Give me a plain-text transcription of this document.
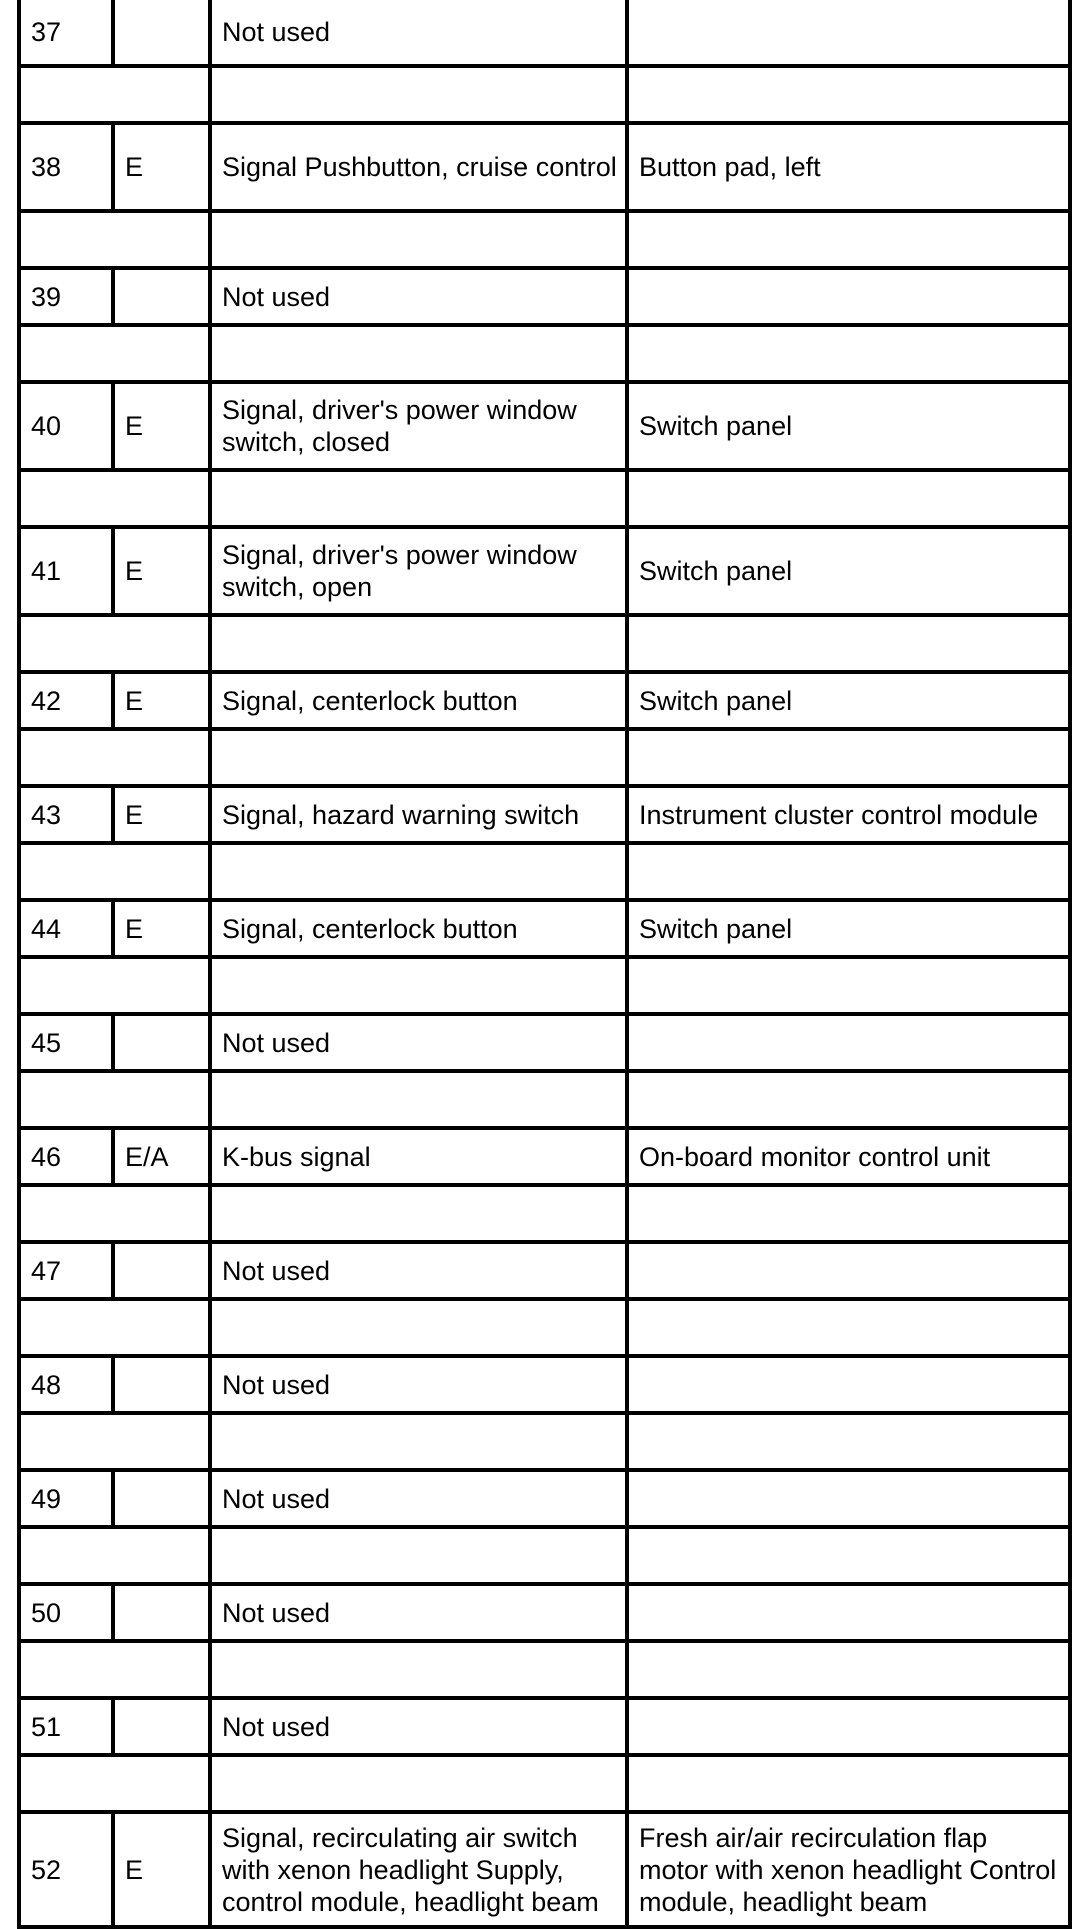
37		Not used	

38	E	Signal Pushbutton, cruise control	Button pad, left

39		Not used	

40	E	Signal, driver's power window switch, closed	Switch panel

41	E	Signal, driver's power window switch, open	Switch panel

42	E	Signal, centerlock button	Switch panel

43	E	Signal, hazard warning switch	Instrument cluster control module

44	E	Signal, centerlock button	Switch panel

45		Not used	

46	E/A	K-bus signal	On-board monitor control unit

47		Not used	

48		Not used	

49		Not used	

50		Not used	

51		Not used	

52	E	Signal, recirculating air switch with xenon headlight Supply, control module, headlight beam	Fresh air/air recirculation flap motor with xenon headlight Control module, headlight beam
